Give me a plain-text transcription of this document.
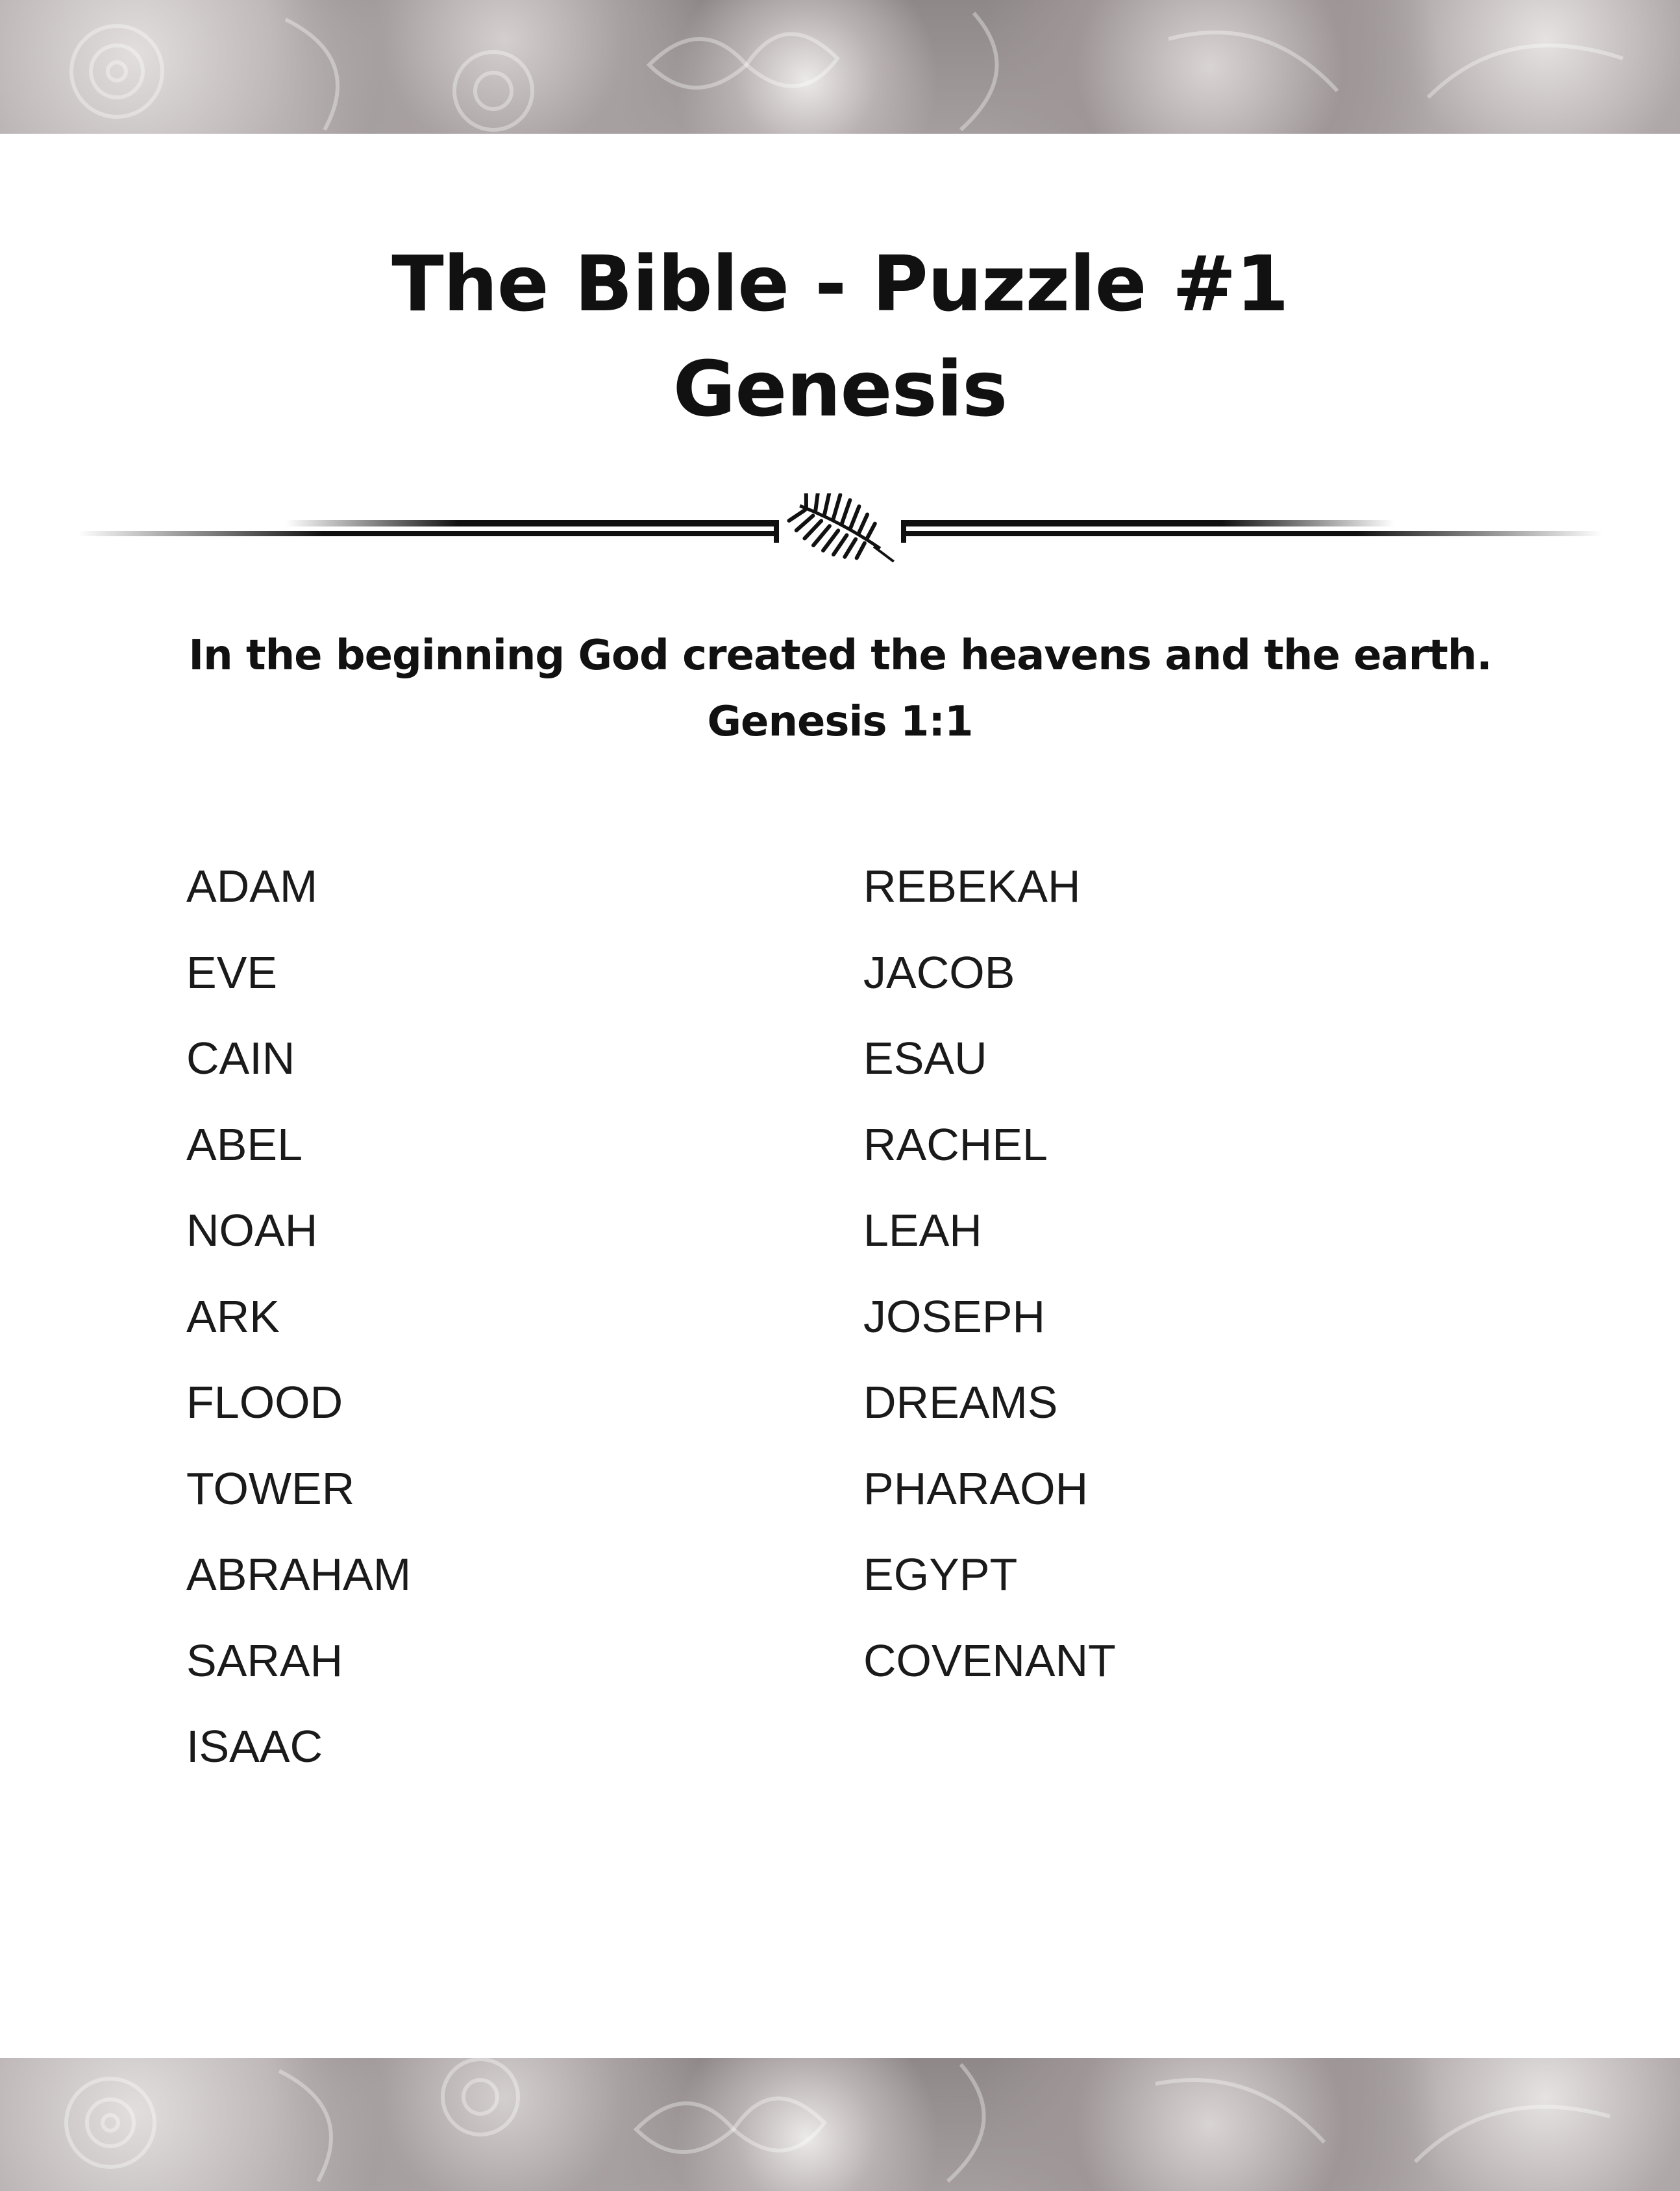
The Bible - Puzzle #1
Genesis
In the beginning God created the heavens and the earth.
Genesis 1:1
ADAM
EVE
CAIN
ABEL
NOAH
ARK
FLOOD
TOWER
ABRAHAM
SARAH
ISAAC
REBEKAH
JACOB
ESAU
RACHEL
LEAH
JOSEPH
DREAMS
PHARAOH
EGYPT
COVENANT
